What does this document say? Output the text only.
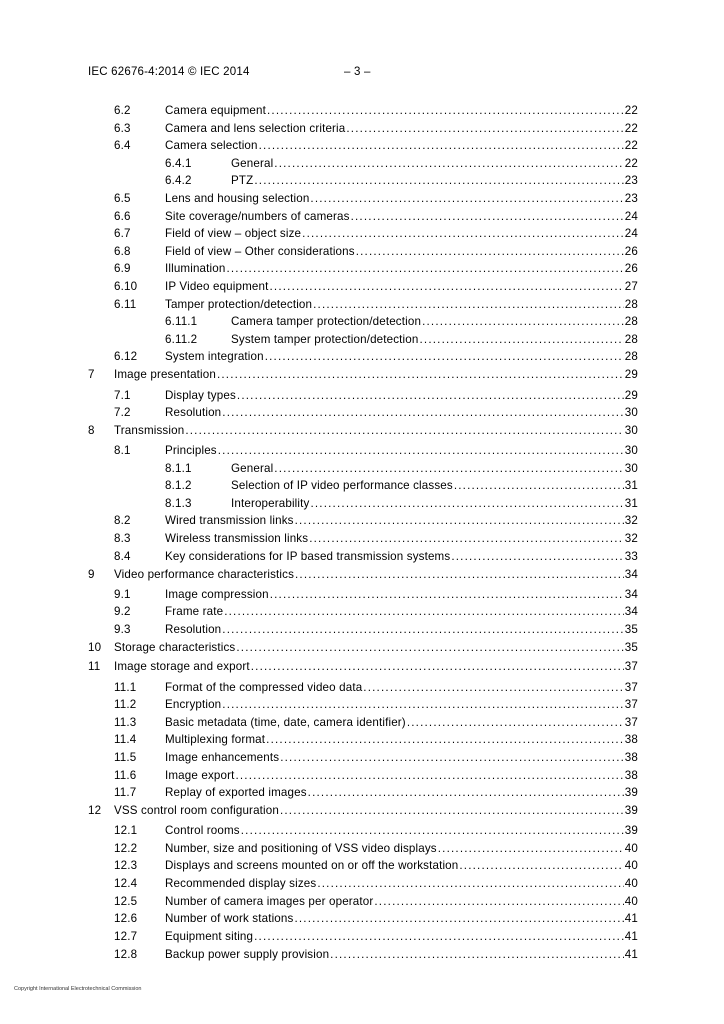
IEC 62676-4:2014 © IEC 2014	– 3 –
6.2	Camera equipment .....	22
6.3	Camera and lens selection criteria .....	22
6.4	Camera selection .....	22
6.4.1	General .....	22
6.4.2	PTZ .....	23
6.5	Lens and housing selection .....	23
6.6	Site coverage/numbers of cameras .....	24
6.7	Field of view – object size .....	24
6.8	Field of view – Other considerations .....	26
6.9	Illumination .....	26
6.10 IP Video equipment .....	27
6.11 Tamper protection/detection .....	28
6.11.1	Camera tamper protection/detection .....	28
6.11.2	System tamper protection/detection .....	28
6.12 System integration .....	28
7 Image presentation .....	29
7.1	Display types .....	29
7.2	Resolution .....	30
8 Transmission .....	30
8.1	Principles .....	30
8.1.1	General .....	30
8.1.2	Selection of IP video performance classes .....	31
8.1.3	Interoperability .....	31
8.2	Wired transmission links .....	32
8.3	Wireless transmission links .....	32
8.4	Key considerations for IP based transmission systems .....	33
9 Video performance characteristics .....	34
9.1	Image compression .....	34
9.2	Frame rate .....	34
9.3	Resolution .....	35
10 Storage characteristics .....	35
11 Image storage and export .....	37
11.1 Format of the compressed video data .....	37
11.2 Encryption .....	37
11.3 Basic metadata (time, date, camera identifier) .....	37
11.4 Multiplexing format .....	38
11.5 Image enhancements .....	38
11.6 Image export .....	38
11.7 Replay of exported images .....	39
12 VSS control room configuration .....	39
12.1 Control rooms .....	39
12.2 Number, size and positioning of VSS video displays .....	40
12.3 Displays and screens mounted on or off the workstation .....	40
12.4 Recommended display sizes .....	40
12.5 Number of camera images per operator .....	40
12.6 Number of work stations .....	41
12.7 Equipment siting .....	41
12.8 Backup power supply provision .....	41
Copyright International Electrotechnical Commission
